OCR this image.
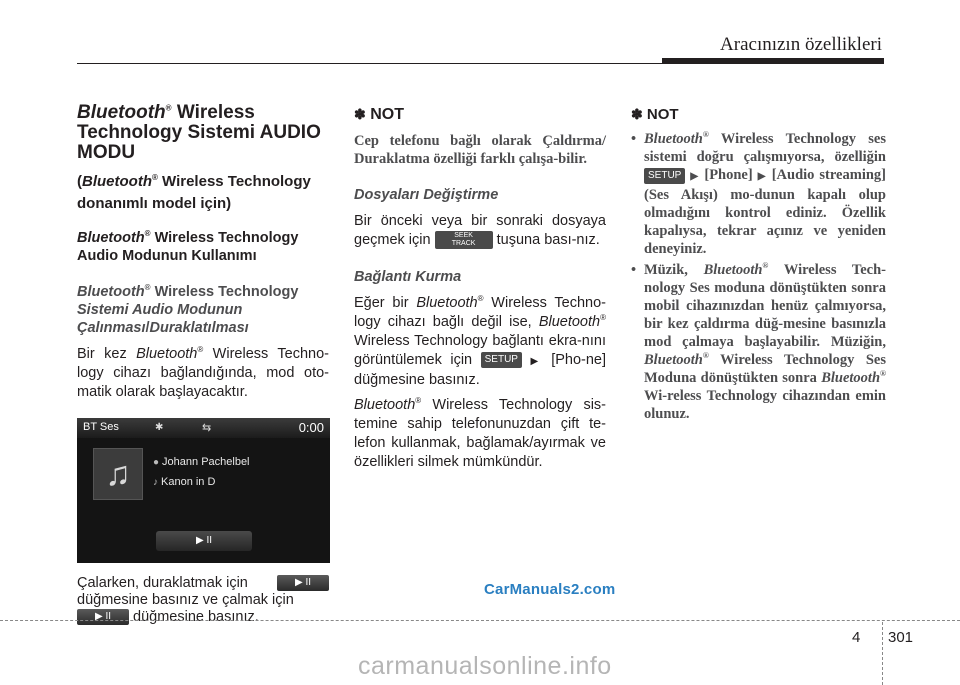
Aracınızın özellikleri
Bluetooth® Wireless
Technology Sistemi AUDIO
MODU
(Bluetooth® Wireless Technology
donanımlı model için)
Bluetooth® Wireless Technology
Audio Modunun Kullanımı
Bluetooth® Wireless Technology
Sistemi Audio Modunun
Çalınması/Duraklatılması
Bir kez Bluetooth® Wireless Techno-logy cihazı bağlandığında, mod oto-matik olarak başlayacaktır.
BT Ses	✱	⇆	0:00
♫	● Johann Pachelbel
♪ Kanon in D
▶ II
Çalarken, duraklatmak için	▶ II

düğmesine basınız ve çalmak için
▶ II düğmesine basınız.
✽ NOT
Cep telefonu bağlı olarak Çaldırma/ Duraklatma özelliği farklı çalışa-bilir.
Dosyaları Değiştirme
Bir önceki veya bir sonraki dosyaya geçmek için	SEEK
TRACK tuşuna bası-nız.
Bağlantı Kurma
Eğer bir Bluetooth® Wireless Techno-logy cihazı bağlı değil ise, Bluetooth® Wireless Technology bağlantı ekra-nını görüntülemek için SETUP ▶ [Pho-ne] düğmesine basınız.
Bluetooth® Wireless Technology sis-temine sahip telefonunuzdan çift te-lefon kullanmak, bağlamak/ayırmak ve özellikleri silmek mümkündür.
✽ NOT
• Bluetooth® Wireless Technology ses sistemi doğru çalışmıyorsa, özelliğin SETUP ▶ [Phone] ▶ [Audio streaming] (Ses Akışı) mo-dunun kapalı olup olmadığını kontrol ediniz. Özellik kapalıysa, tekrar açınız ve yeniden deneyiniz.
• Müzik, Bluetooth® Wireless Tech-nology Ses moduna dönüştükten sonra mobil cihazınızdan henüz çalmıyorsa, bir kez çaldırma düğ-mesine basınızla mod çalmaya başlayabilir. Müziğin, Bluetooth® Wireless Technology Ses Moduna dönüştükten sonra Bluetooth® Wi-reless Technology cihazından emin olunuz.
CarManuals2.com
4 301
carmanualsonline.info
